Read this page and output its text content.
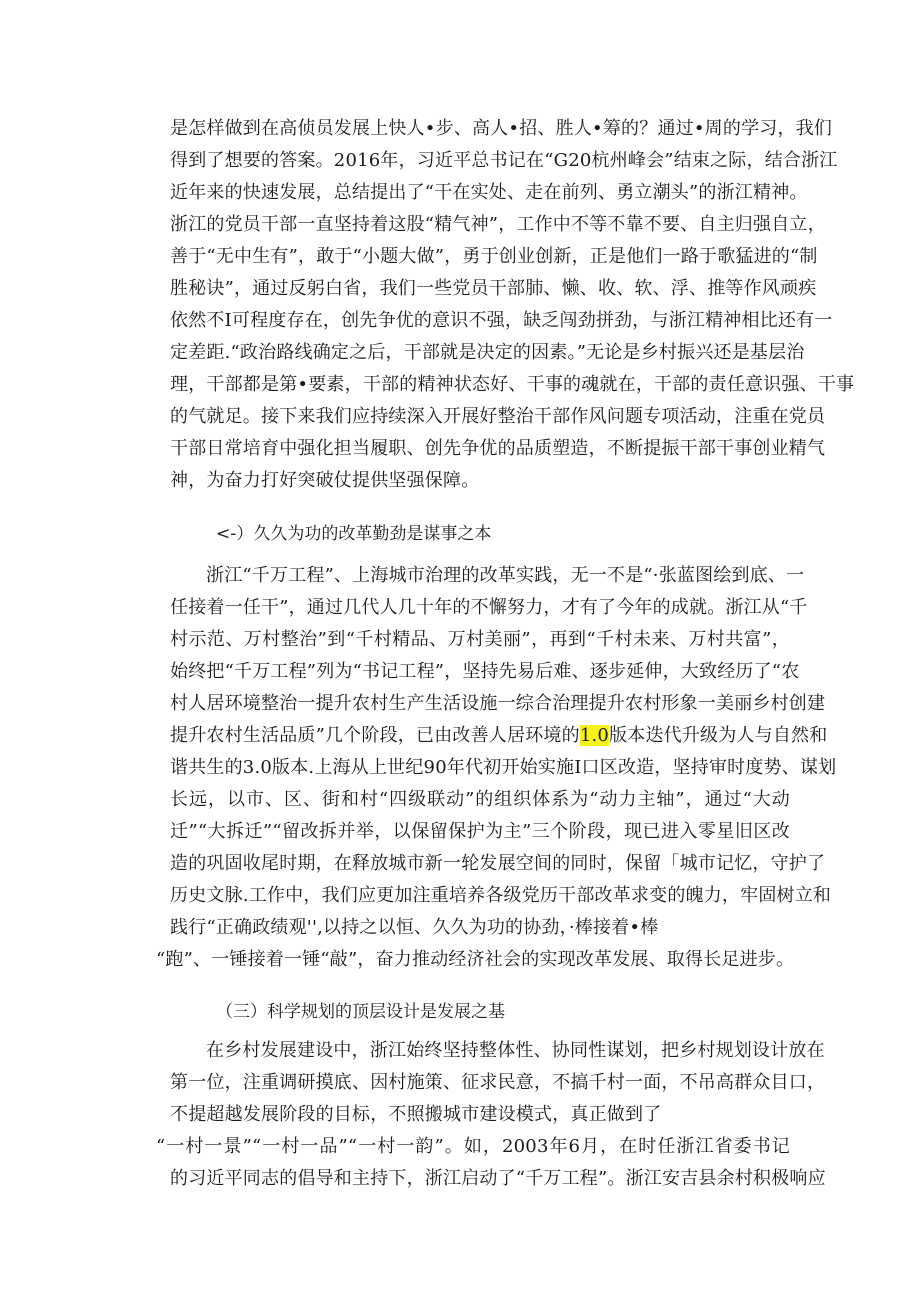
是怎样做到在高侦员发展上快人•步、高人•招、胜人•筹的？通过•周的学习，我们
得到了想要的答案。2016年，习近平总书记在“G20杭州峰会”结束之际，结合浙江
近年来的快速发展，总结提出了“干在实处、走在前列、勇立潮头”的浙江精神。
浙江的党员干部一直坚持着这股“精气神”，工作中不等不靠不要、自主归强自立，
善于“无中生有”，敢于“小题大做”，勇于创业创新，正是他们一路于歌猛进的“制
胜秘诀”，通过反躬白省，我们一些党员干部肺、懒、收、软、浮、推等作风顽疾
依然不I可程度存在，创先争优的意识不强，缺乏闯劲拼劲，与浙江精神相比还有一
定差距.“政治路线确定之后，干部就是决定的因素。”无论是乡村振兴还是基层治
理，干部都是第•要素，干部的精神状态好、干事的魂就在，干部的责任意识强、干事
的气就足。接下来我们应持续深入开展好整治干部作风问题专项活动，注重在党员
干部日常培育中强化担当履职、创先争优的品质塑造，不断提振干部干事创业精气
神，为奋力打好突破仗提供坚强保障。
<-）久久为功的改革勤劲是谋事之本
浙江“千万工程”、上海城市治理的改革实践，无一不是“·张蓝图绘到底、一
任接着一任干”，通过几代人几十年的不懈努力，才有了今年的成就。浙江从“千
村示范、万村整治”到“千村精品、万村美丽”，再到“千村未来、万村共富”，
始终把“千万工程”列为“书记工程”，坚持先易后难、逐步延伸，大致经历了“农
村人居环境整治一提升农村生产生活设施一综合治理提升农村形象一美丽乡村创建
提升农村生活品质”几个阶段，已由改善人居环境的1.0版本迭代升级为人与自然和
谐共生的3.0版本.上海从上世纪90年代初开始实施I口区改造，坚持审时度势、谋划
长远，以市、区、街和村“四级联动”的组织体系为“动力主轴”，通过“大动
迁”“大拆迁”“留改拆并举，以保留保护为主”三个阶段，现已进入零星旧区改
造的巩固收尾时期，在释放城市新一轮发展空间的同时，保留「城市记忆，守护了
历史文脉.工作中，我们应更加注重培养各级党历干部改革求变的魄力，牢固树立和
践行“正确政绩观'',以持之以恒、久久为功的协劲，·棒接着•棒
“跑”、一锤接着一锤“敲”，奋力推动经济社会的实现改革发展、取得长足进步。
（三）科学规划的顶层设计是发展之基
在乡村发展建设中，浙江始终坚持整体性、协同性谋划，把乡村规划设计放在
第一位，注重调研摸底、因村施策、征求民意，不搞千村一面，不吊高群众目口，
不提超越发展阶段的目标，不照搬城市建设模式，真正做到了
“一村一景”“一村一品”“一村一韵”。如，2003年6月，在时任浙江省委书记
的习近平同志的倡导和主持下，浙江启动了“千万工程”。浙江安吉县余村积极响应
